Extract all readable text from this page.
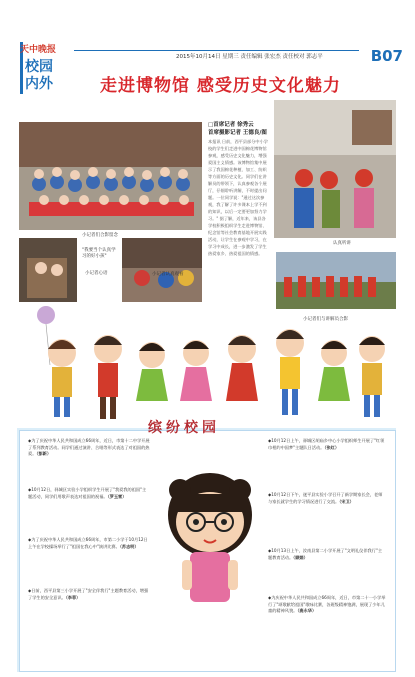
天中晚报
校园
内外
2015年10月14日 星期三 责任编辑 张宏杰 责任校对 郭志平	B07
走进博物馆 感受历史文化魅力
小记者们合影留念
"我要当个认真学习的好小孩"
小记者心语	小记者认真观看
□首席记者 徐秀云
首席摄影记者 王德良/图
本报讯 日前，西平县部分中小学校的学生们走进中国棉花博物馆参观，感受历史文化魅力，增强爱国主义情感。该博物馆集中展示了我国棉花种植、加工、纺织等方面的历史文化。同学们在讲解员的带领下，认真参观各个展厅，仔细聆听讲解，不时提出问题。一位同学说："通过这次参观，我了解了许多课本上学不到的知识，以后一定要更加努力学习。" 据了解，近年来，该县各学校积极组织学生走进博物馆、纪念馆等社会教育基地开展实践活动，让学生在参观中学习，在学习中成长，进一步激发了学生热爱家乡、热爱祖国的情感。
认真听讲
小记者们与讲解员合影
缤纷校园
◆为了庆祝中华人民共和国成立66周年，近日，市第十二中学开展了系列教育活动。同学们通过演讲、合唱等形式表达了对祖国的热爱。（彭新）
◆10月12日，驿城区实验小学组织学生开展了"我爱我的祖国"主题活动，同学们用歌声表达对祖国的祝福。（罗玉雪）
◆为了庆祝中华人民共和国成立66周年，市第二小学于10月12日上午在学校操场举行了"祖国在我心中"演讲比赛。（苏志明）
◆日前，西平县第三小学开展了"安全伴我行"主题教育活动，增强了学生的安全意识。（李菲）
◆10月12日上午，驿城区胡庙乡中心小学组织师生开展了"红领巾相约中国梦"主题队日活动。（张红）
◆10月12日下午，遂平县实验小学召开了新学期家长会，老师与家长就学生的学习情况进行了交流。（宋卫）
◆10月13日上午，汝南县第二小学开展了"文明礼仪伴我行"主题教育活动。（顾娟）
◆为庆祝中华人民共和国成立66周年，近日，市第二十一小学举行了"颂歌献给祖国"歌咏比赛，各班级精神饱满，展现了少年儿童的精神风貌。（高永华）
